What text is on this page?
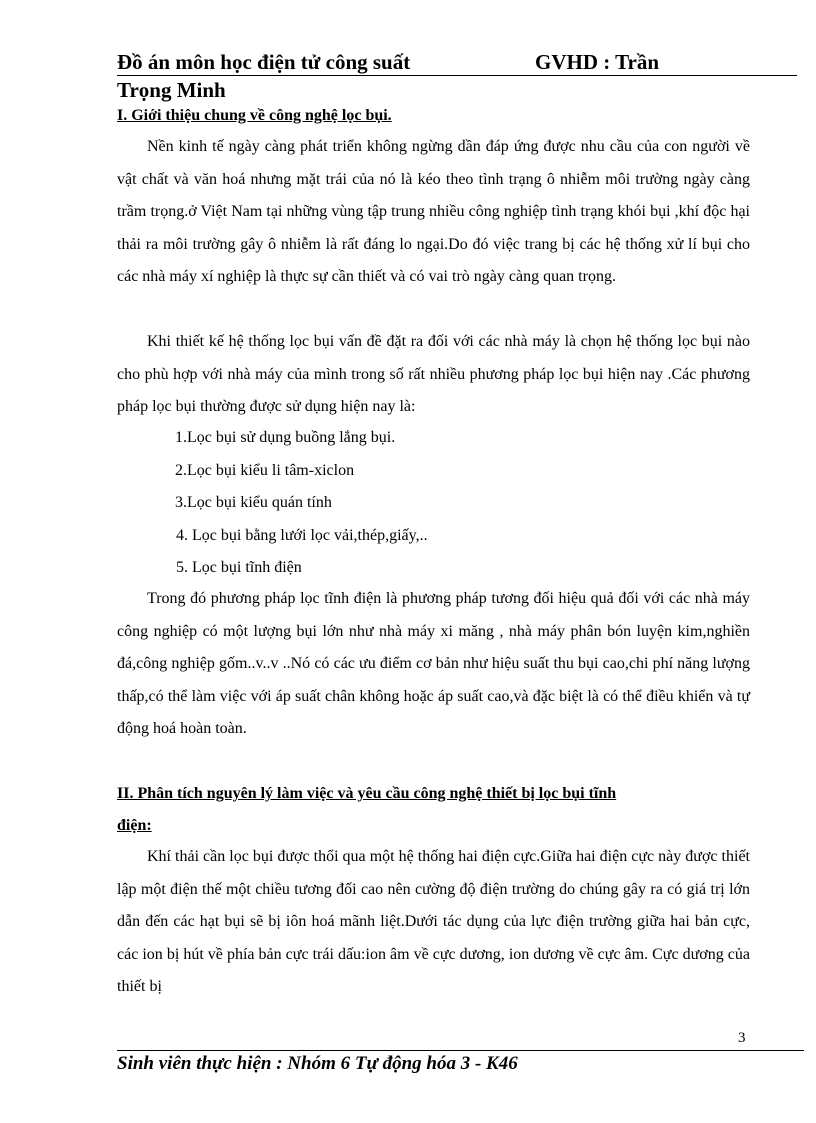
Đồ án môn học điện tử công suất	GVHD : Trần
Trọng Minh
I. Giới thiệu chung về công nghệ lọc bụi.

Nền kinh tế ngày càng phát triển không ngừng dần đáp ứng được nhu cầu của con người về vật chất và văn hoá nhưng mặt trái của nó là kéo theo tình trạng ô nhiễm môi trường ngày càng trầm trọng.ở Việt Nam tại những vùng tập trung nhiều công nghiệp tình trạng khói bụi ,khí độc hại thải ra môi trường gây ô nhiễm là rất đáng lo ngại.Do đó việc trang bị các hệ thống xử lí bụi cho các nhà máy xí nghiệp là thực sự cần thiết và có vai trò ngày càng quan trọng.

Khi thiết kế hệ thống lọc bụi vấn đề đặt ra đối với các nhà máy là chọn hệ thống lọc bụi nào cho phù hợp với nhà máy của mình trong số rất nhiều phương pháp lọc bụi hiện nay .Các phương pháp lọc bụi thường được sử dụng hiện nay là:

1.Lọc bụi sử dụng buồng lắng bụi.
2.Lọc bụi kiểu li tâm-xiclon
3.Lọc bụi kiểu quán tính
4. Lọc bụi bằng lưới lọc vải,thép,giấy,..
5. Lọc bụi tĩnh điện

Trong đó phương pháp lọc tĩnh điện là phương pháp tương đối hiệu quả đối với các nhà máy công nghiệp có một lượng bụi lớn như nhà máy xi măng , nhà máy phân bón luyện kim,nghiền đá,công nghiệp gốm..v..v ..Nó có các ưu điểm cơ bản như hiệu suất thu bụi cao,chi phí năng lượng thấp,có thể làm việc với áp suất chân không hoặc áp suất cao,và đặc biệt là có thể điều khiển và tự động hoá hoàn toàn.

II. Phân tích nguyên lý làm việc và yêu cầu công nghệ thiết bị lọc bụi tĩnh
điện:

Khí thải cần lọc bụi được thổi qua một hệ thống hai điện cực.Giữa hai điện cực này được thiết lập một điện thế một chiều tương đối cao nên cường độ điện trường do chúng gây ra có giá trị lớn dẫn đến các hạt bụi sẽ bị iôn hoá mãnh liệt.Dưới tác dụng của lực điện trường giữa hai bản cực, các ion bị hút về phía bản cực trái dấu:ion âm về cực dương, ion dương về cực âm. Cực dương của thiết bị

3
Sinh viên thực hiện : Nhóm 6 Tự động hóa 3 - K46
